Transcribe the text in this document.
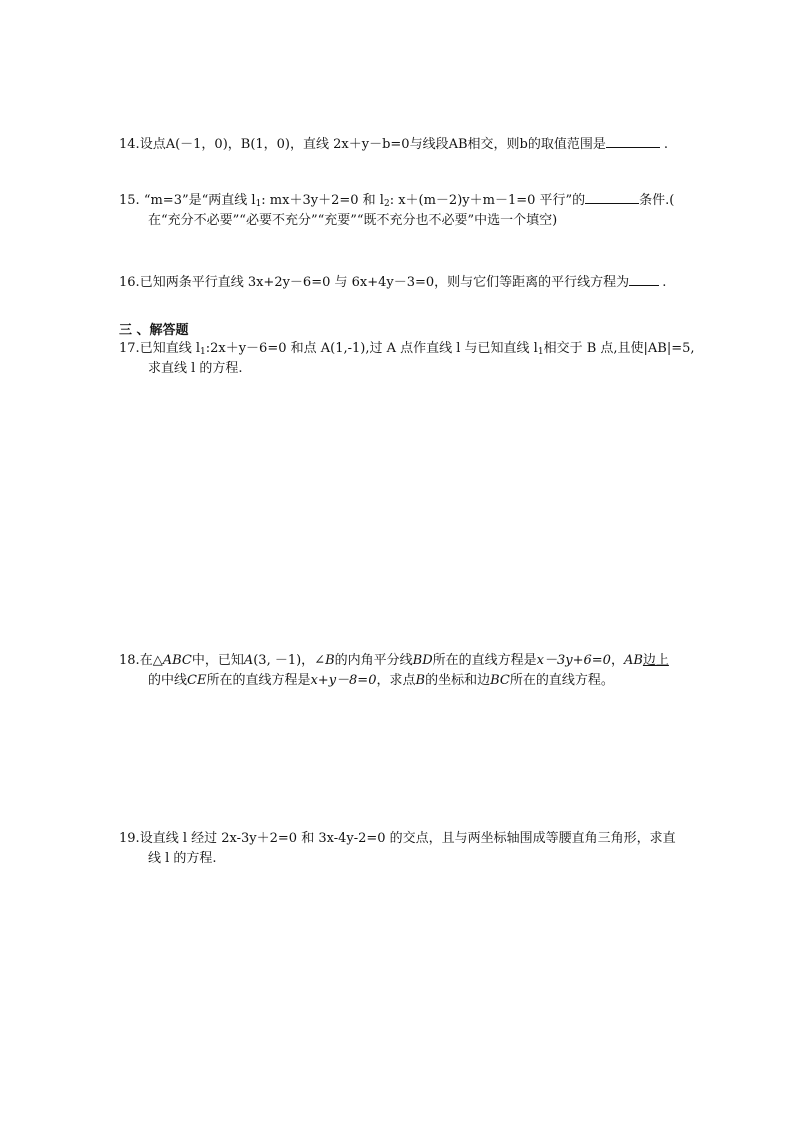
14.设点A(－1，0)，B(1，0)，直线 2x＋y－b=0与线段AB相交，则b的取值范围是	.
15. “m=3”是“两直线 $l_1$: mx＋3y＋2=0 和 $l_2$: x＋(m－2)y＋m－1=0 平行”的	条件.(
在“充分不必要”“必要不充分”“充要”“既不充分也不必要”中选一个填空)
16.已知两条平行直线 3x+2y－6=0 与 6x+4y－3=0，则与它们等距离的平行线方程为	.
三 、解答题
17.已知直线 $l_1:2x+y-6=0$ 和点 A(1,-1),过 A 点作直线 l 与已知直线 $l_1$相交于 B 点,且使|AB|=5,
求直线 l 的方程.
18.在△ABC中，已知A(3, －1)，∠B的内角平分线BD所在的直线方程是x－3y+6=0，AB边上
的中线CE所在的直线方程是x+y－8=0，求点B的坐标和边BC所在的直线方程。
19.设直线 l 经过 2x-3y＋2=0 和 3x-4y-2=0 的交点，且与两坐标轴围成等腰直角三角形，求直
线 l 的方程.
